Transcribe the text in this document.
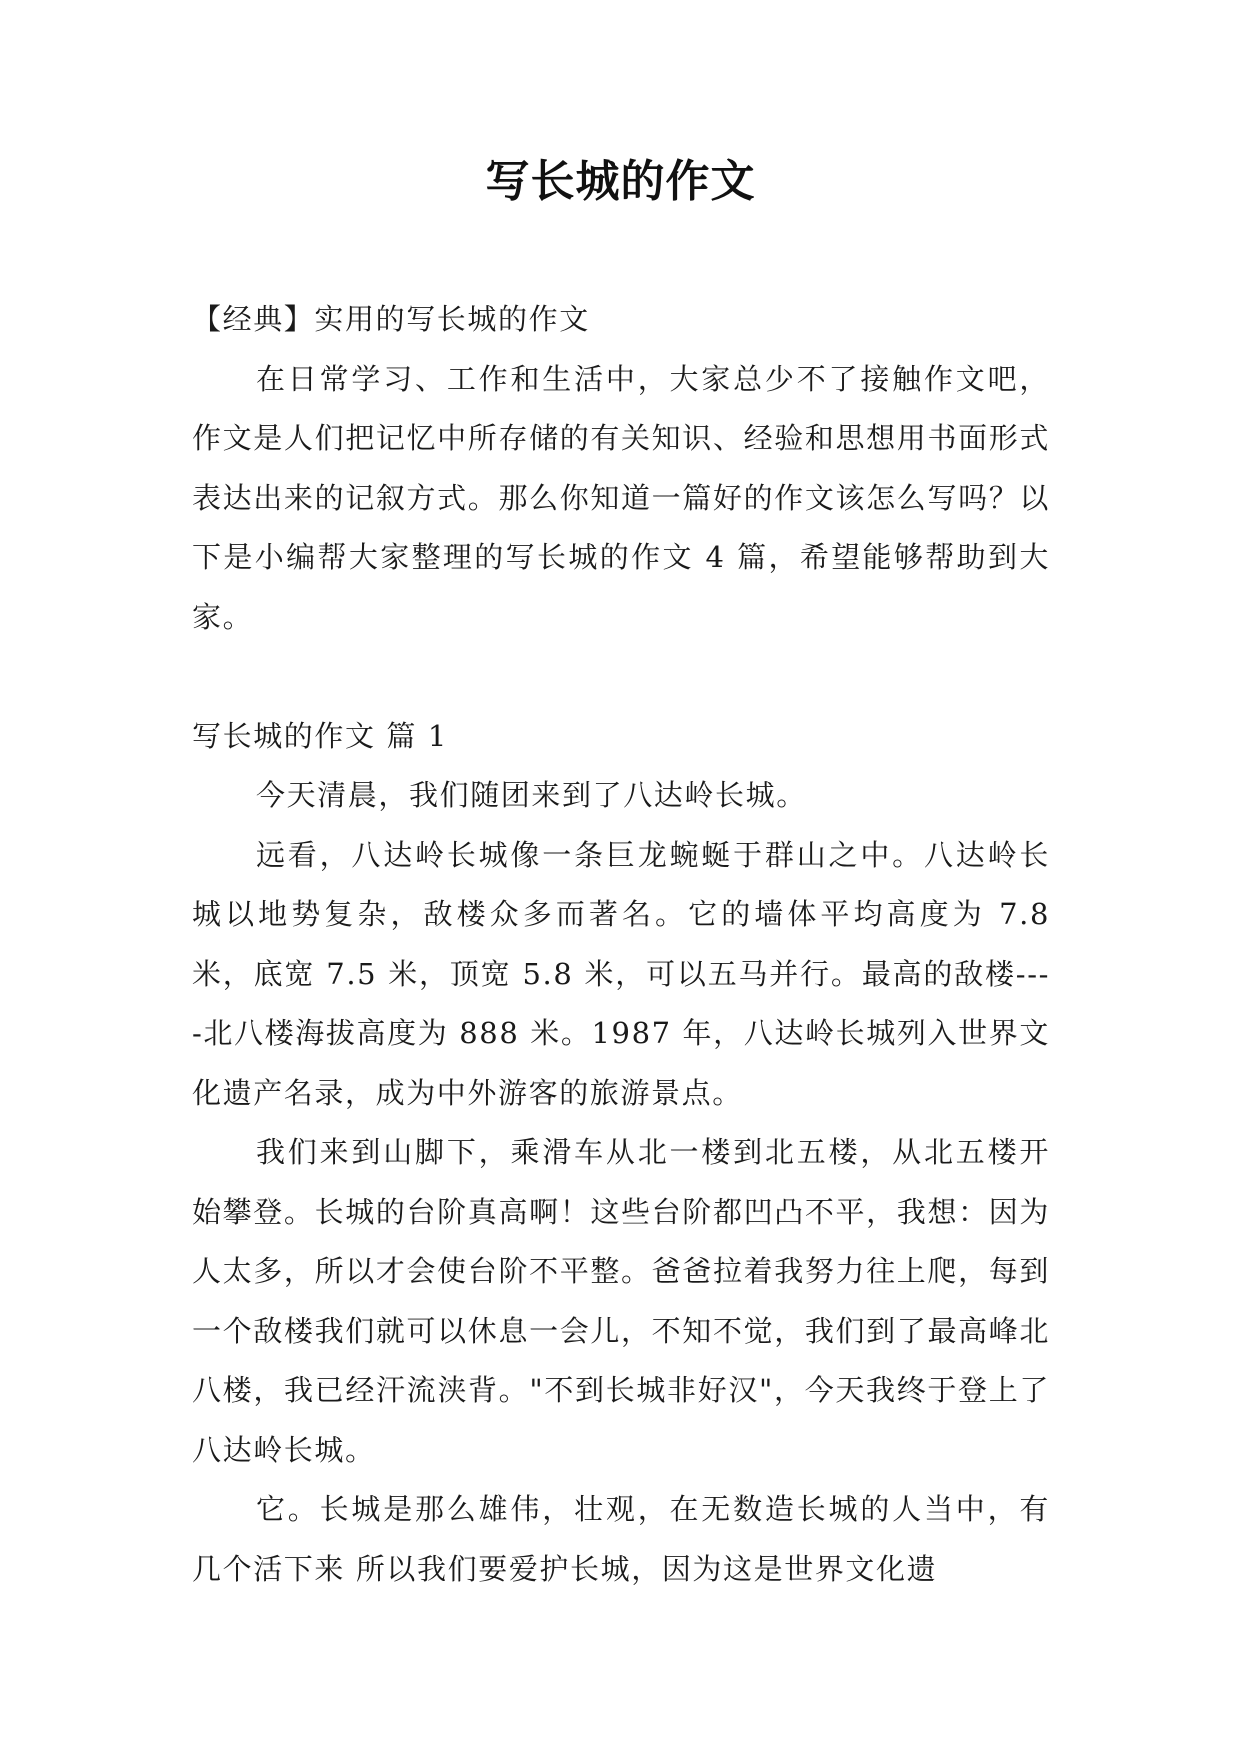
写长城的作文

【经典】实用的写长城的作文

在日常学习、工作和生活中，大家总少不了接触作文吧，作文是人们把记忆中所存储的有关知识、经验和思想用书面形式表达出来的记叙方式。那么你知道一篇好的作文该怎么写吗？以下是小编帮大家整理的写长城的作文 4 篇，希望能够帮助到大家。

写长城的作文 篇 1

今天清晨，我们随团来到了八达岭长城。

远看，八达岭长城像一条巨龙蜿蜒于群山之中。八达岭长城以地势复杂，敌楼众多而著名。它的墙体平均高度为 7.8 米，底宽 7.5 米，顶宽 5.8 米，可以五马并行。最高的敌楼----北八楼海拔高度为 888 米。1987 年，八达岭长城列入世界文化遗产名录，成为中外游客的旅游景点。

我们来到山脚下，乘滑车从北一楼到北五楼，从北五楼开始攀登。长城的台阶真高啊！这些台阶都凹凸不平，我想：因为人太多，所以才会使台阶不平整。爸爸拉着我努力往上爬，每到一个敌楼我们就可以休息一会儿，不知不觉，我们到了最高峰北八楼，我已经汗流浃背。"不到长城非好汉"，今天我终于登上了八达岭长城。

它。长城是那么雄伟，壮观，在无数造长城的人当中，有几个活下来 所以我们要爱护长城，因为这是世界文化遗
